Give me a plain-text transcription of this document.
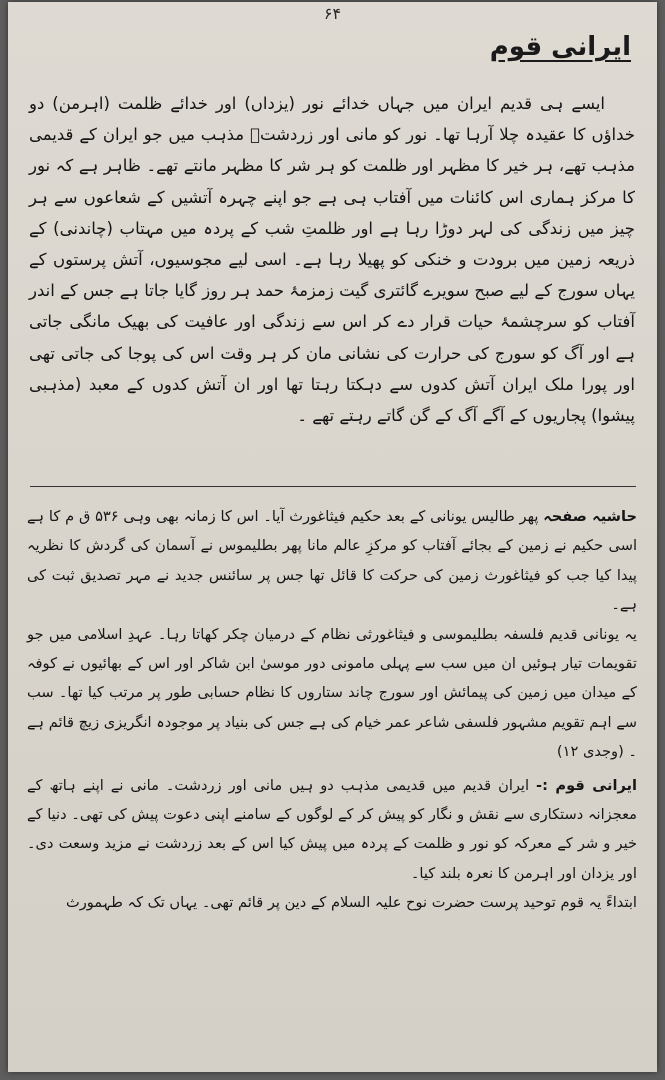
۶۴
ایرانی قوم

ایسے ہی قدیم ایران میں جہاں خدائے نور (یزداں) اور خدائے ظلمت (اہرمن) دو خداؤں کا عقیدہ چلا آرہا تھا۔ نور کو مانی اور زردشتؔ مذہب میں جو ایران کے قدیمی مذہب تھے، ہر خیر کا مظہر اور ظلمت کو ہر شر کا مظہر مانتے تھے۔ ظاہر ہے کہ نور کا مرکز ہماری اس کائنات میں آفتاب ہی ہے جو اپنے چہرہ آتشیں کے شعاعوں سے ہر چیز میں زندگی کی لہر دوڑا رہا ہے اور ظلمتِ شب کے پردہ میں مہتاب (چاندنی) کے ذریعہ زمین میں برودت و خنکی کو پھیلا رہا ہے۔ اسی لیے مجوسیوں، آتش پرستوں کے یہاں سورج کے لیے صبح سویرے گائتری گیت زمزمۂ حمد ہر روز گایا جاتا ہے جس کے اندر آفتاب کو سرچشمۂ حیات قرار دے کر اس سے زندگی اور عافیت کی بھیک مانگی جاتی ہے اور آگ کو سورج کی حرارت کی نشانی مان کر ہر وقت اس کی پوجا کی جاتی تھی اور پورا ملک ایران آتش کدوں سے دہکتا رہتا تھا اور ان آتش کدوں کے معبد (مذہبی پیشوا) پجاریوں کے آگے آگ کے گن گاتے رہتے تھے ۔

حاشیہ صفحہ پھر طالیس یونانی کے بعد حکیم فیثاغورث آیا۔ اس کا زمانہ بھی وہی ۵۳۶ ق م کا ہے اسی حکیم نے زمین کے بجائے آفتاب کو مرکزِ عالم مانا پھر بطلیموس نے آسمان کی گردش کا نظریہ پیدا کیا جب کو فیثاغورث زمین کی حرکت کا قائل تھا جس پر سائنس جدید نے مہر تصدیق ثبت کی ہے۔

یہ یونانی قدیم فلسفہ بطلیموسی و فیثاغورثی نظام کے درمیان چکر کھاتا رہا۔ عہدِ اسلامی میں جو تقویمات تیار ہوئیں ان میں سب سے پہلی مامونی دور موسیٰ ابن شاکر اور اس کے بھائیوں نے کوفہ کے میدان میں زمین کی پیمائش اور سورج چاند ستاروں کا نظام حسابی طور پر مرتب کیا تھا۔ سب سے اہم تقویم مشہور فلسفی شاعر عمر خیام کی ہے جس کی بنیاد پر موجودہ انگریزی زیچ قائم ہے ۔ (وجدی ۱۲)

ایرانی قوم :- ایران قدیم میں قدیمی مذہب دو ہیں مانی اور زردشت۔ مانی نے اپنے ہاتھ کے معجزانہ دستکاری سے نقش و نگار کو پیش کر کے لوگوں کے سامنے اپنی دعوت پیش کی تھی۔ دنیا کے خیر و شر کے معرکہ کو نور و ظلمت کے پردہ میں پیش کیا اس کے بعد زردشت نے مزید وسعت دی۔ اور یزدان اور اہرمن کا نعرہ بلند کیا۔

ابتداءً یہ قوم توحید پرست حضرت نوح علیہ السلام کے دین پر قائم تھی۔ یہاں تک کہ طہمورث
